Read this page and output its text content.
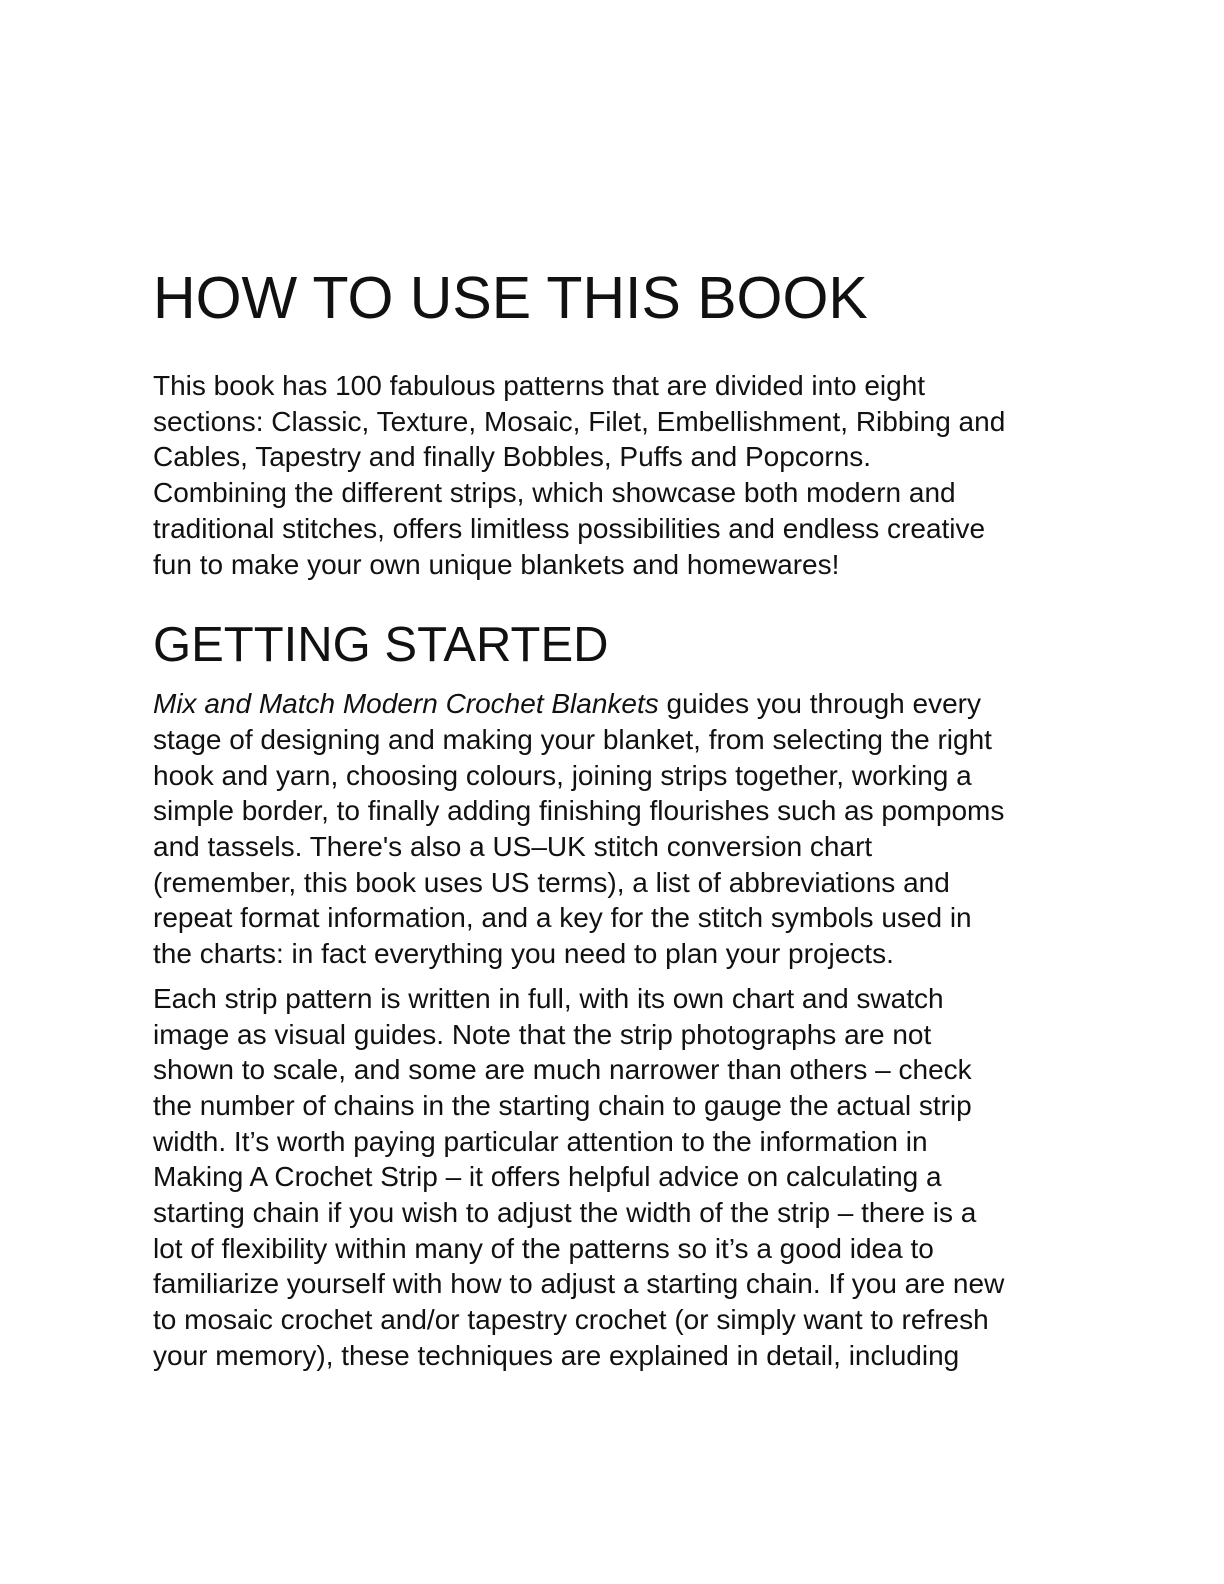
HOW TO USE THIS BOOK
This book has 100 fabulous patterns that are divided into eight
sections: Classic, Texture, Mosaic, Filet, Embellishment, Ribbing and
Cables, Tapestry and finally Bobbles, Puffs and Popcorns.
Combining the different strips, which showcase both modern and
traditional stitches, offers limitless possibilities and endless creative
fun to make your own unique blankets and homewares!
GETTING STARTED
Mix and Match Modern Crochet Blankets guides you through every
stage of designing and making your blanket, from selecting the right
hook and yarn, choosing colours, joining strips together, working a
simple border, to finally adding finishing flourishes such as pompoms
and tassels. There's also a US–UK stitch conversion chart
(remember, this book uses US terms), a list of abbreviations and
repeat format information, and a key for the stitch symbols used in
the charts: in fact everything you need to plan your projects.
Each strip pattern is written in full, with its own chart and swatch
image as visual guides. Note that the strip photographs are not
shown to scale, and some are much narrower than others – check
the number of chains in the starting chain to gauge the actual strip
width. It’s worth paying particular attention to the information in
Making A Crochet Strip – it offers helpful advice on calculating a
starting chain if you wish to adjust the width of the strip – there is a
lot of flexibility within many of the patterns so it’s a good idea to
familiarize yourself with how to adjust a starting chain. If you are new
to mosaic crochet and/or tapestry crochet (or simply want to refresh
your memory), these techniques are explained in detail, including
